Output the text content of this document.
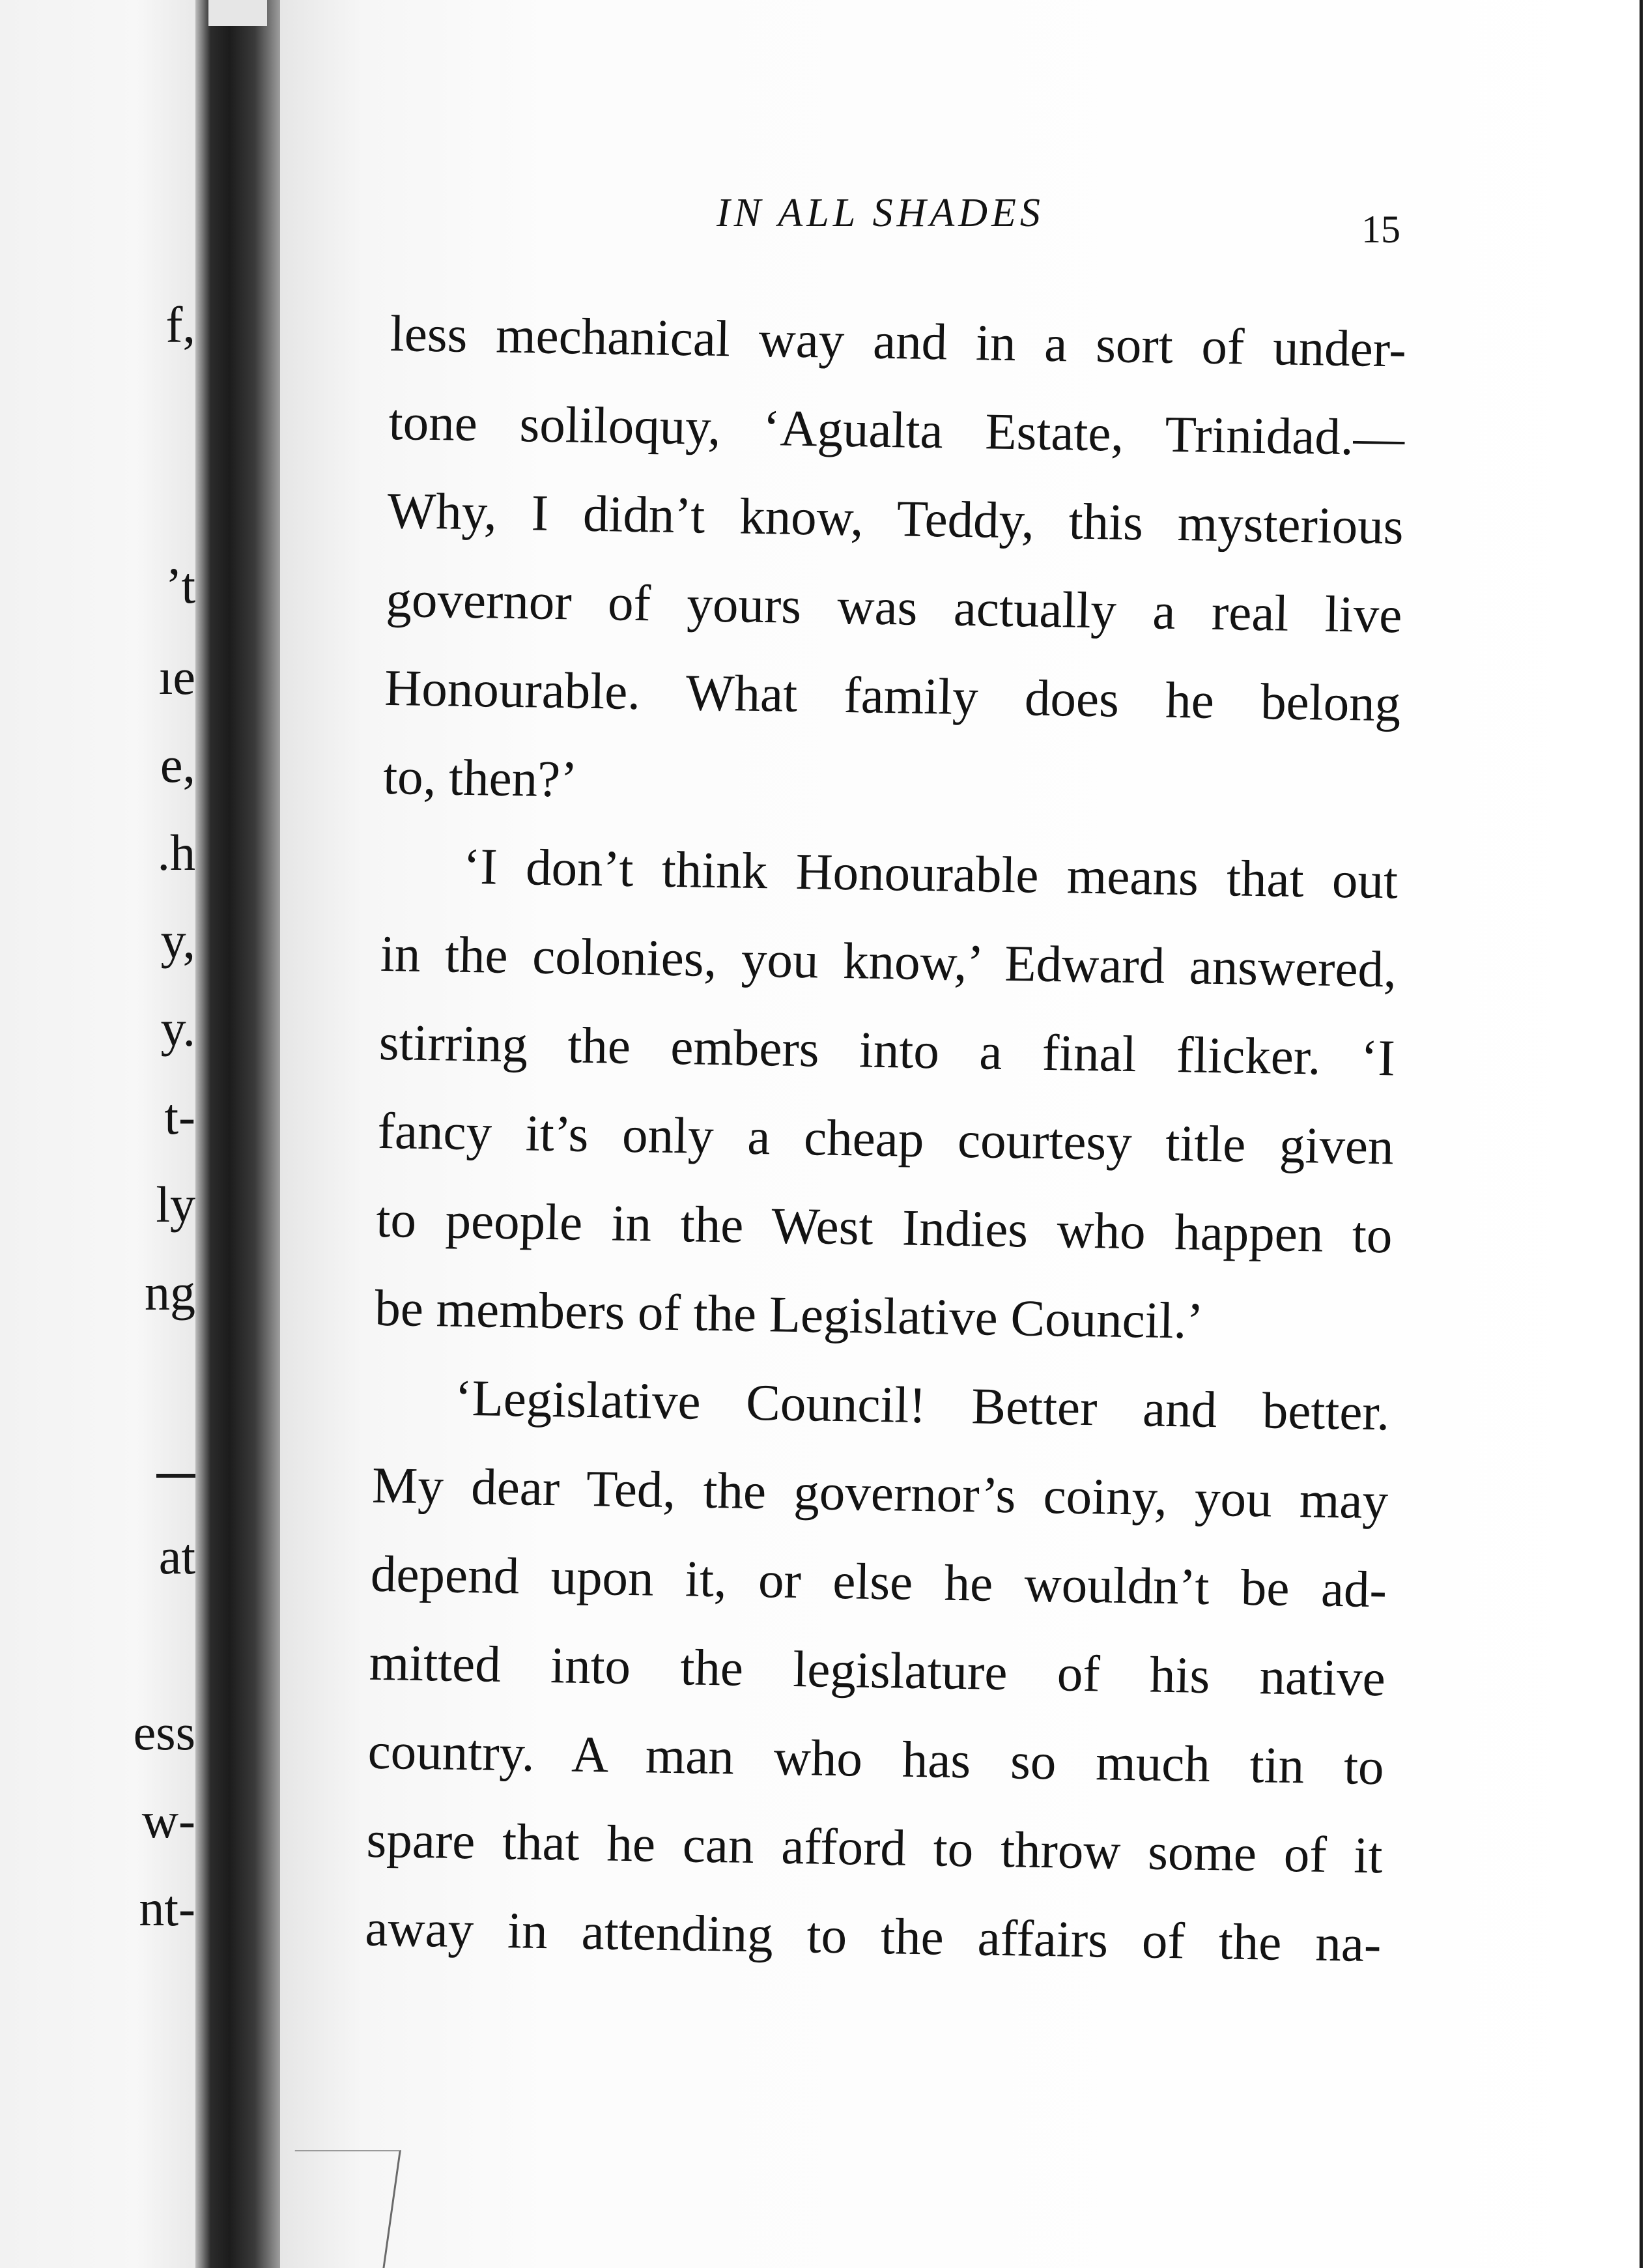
f,
’t
ıe
e,
.h
y,
y.
t-
ly
ng
at
ess
w-
nt-
IN ALL SHADES	15
less mechanical way and in a sort of under-
tone soliloquy, ‘Agualta Estate, Trinidad.—
Why, I didn’t know, Teddy, this mysterious
governor of yours was actually a real live
Honourable. What family does he belong
to, then?’
‘I don’t think Honourable means that out
in the colonies, you know,’ Edward answered,
stirring the embers into a final flicker. ‘I
fancy it’s only a cheap courtesy title given
to people in the West Indies who happen to
be members of the Legislative Council.’
‘Legislative Council! Better and better.
My dear Ted, the governor’s coiny, you may
depend upon it, or else he wouldn’t be ad-
mitted into the legislature of his native
country. A man who has so much tin to
spare that he can afford to throw some of it
away in attending to the affairs of the na-
